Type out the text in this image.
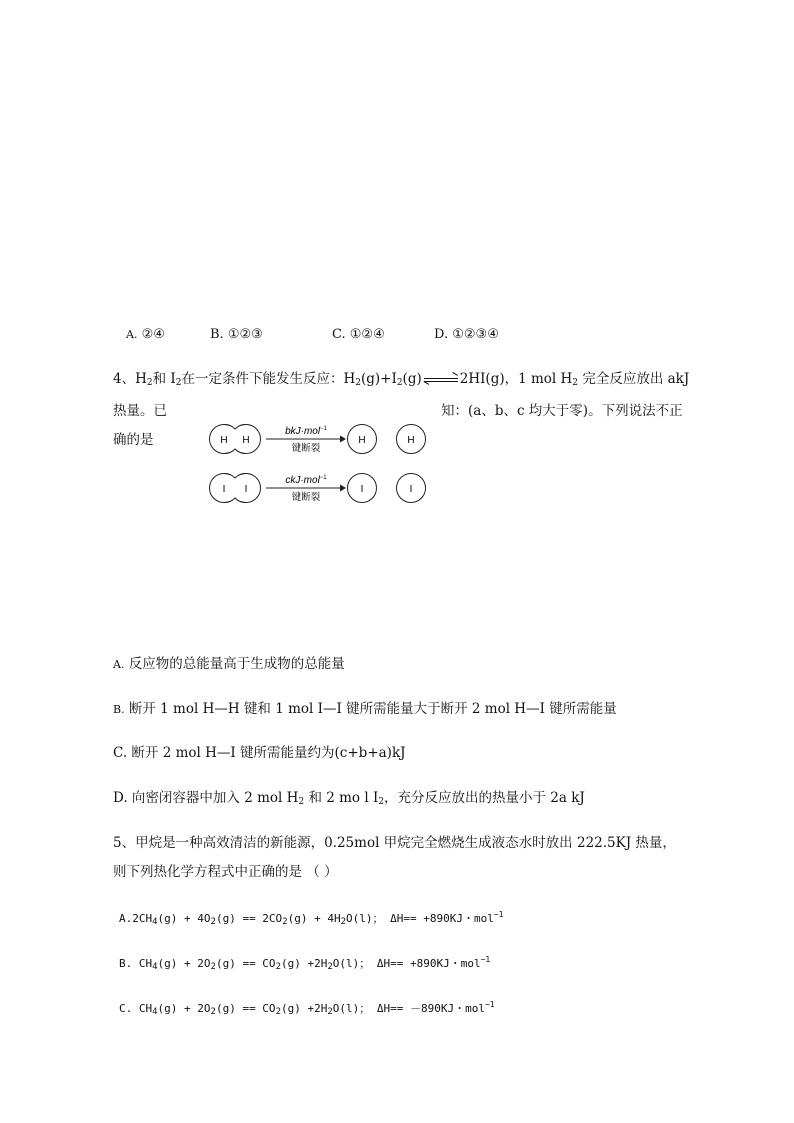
A. ②④	B. ①②③	C. ①②④	D. ①②③④
4、$H_2$和 $I_2$在一定条件下能发生反应：$H_2(g)+I_2(g)$	2HI(g)，1 mol $H_2$ 完全反应放出 akJ
热量。已	知：(a、b、c 均大于零)。下列说法不正
确的是	H H
bkJ·mol$^{-1}$
键断裂
H	H
I I
ckJ·mol$^{-1}$
键断裂
I	I
A. 反应物的总能量高于生成物的总能量
B. 断开 1 mol H—H 键和 1 mol I—I 键所需能量大于断开 2 mol H—I 键所需能量
C. 断开 2 mol H—I 键所需能量约为(c+b+a)kJ
D. 向密闭容器中加入 2 mol $H_2$ 和 2 mo l $I_2$，充分反应放出的热量小于 2a kJ
5、甲烷是一种高效清洁的新能源，0.25mol 甲烷完全燃烧生成液态水时放出 222.5KJ 热量，
则下列热化学方程式中正确的是 （ ）
$A.2CH_4(g) + 4O_2(g) == 2CO_2(g) + 4H_2O(l)$； ΔH== +890KJ・mol$^{-1}$
B. $CH_4(g) + 2O_2(g) == CO_2(g) +2H_2O(l)$； ΔH== +890KJ・mol$^{-1}$
C. $CH_4(g) + 2O_2(g) == CO_2(g) +2H_2O(l)$； ΔH== －890KJ・mol$^{-1}$
